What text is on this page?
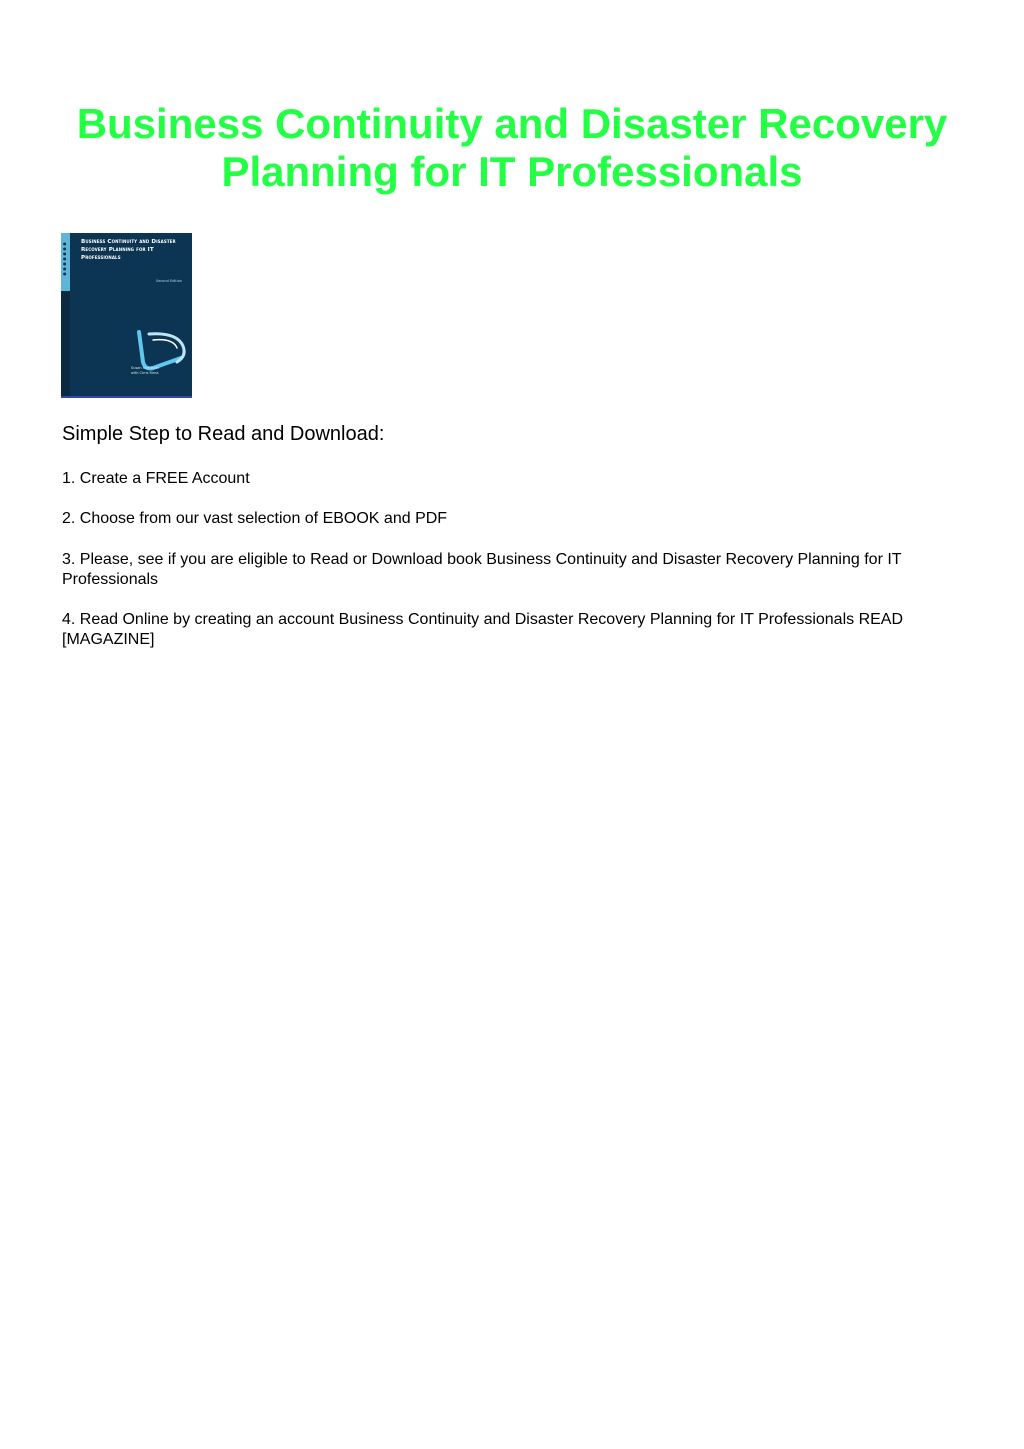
Business Continuity and Disaster Recovery Planning for IT Professionals
●
●
●
●
●
●
●
Business Continuity and Disaster Recovery Planning for IT Professionals
Second Edition
Susan Snedaker
with Chris Rima
Simple Step to Read and Download:

1. Create a FREE Account

2. Choose from our vast selection of EBOOK and PDF

3. Please, see if you are eligible to Read or Download book Business Continuity and Disaster Recovery Planning for IT Professionals

4. Read Online by creating an account Business Continuity and Disaster Recovery Planning for IT Professionals READ [MAGAZINE]
